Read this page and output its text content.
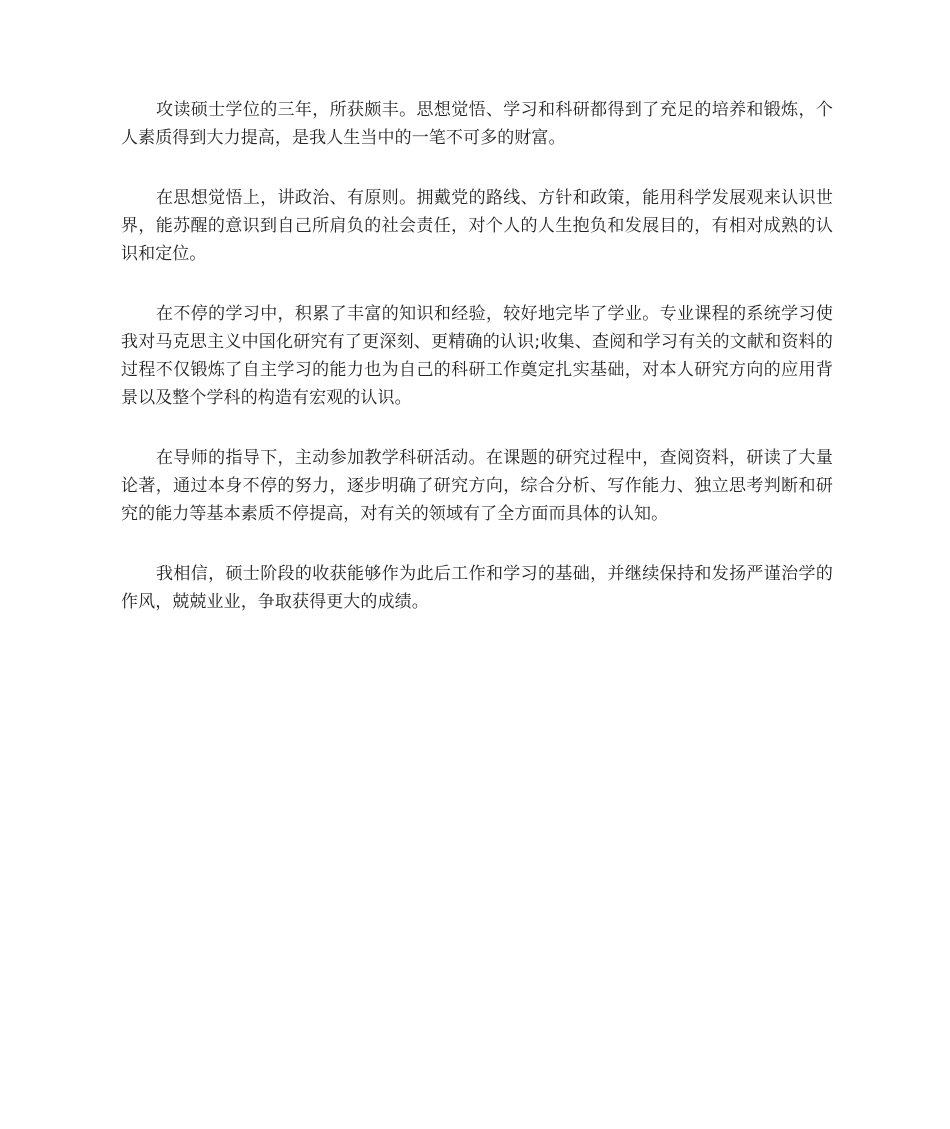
攻读硕士学位的三年，所获颇丰。思想觉悟、学习和科研都得到了充足的培养和锻炼，个人素质得到大力提高，是我人生当中的一笔不可多的财富。

在思想觉悟上，讲政治、有原则。拥戴党的路线、方针和政策，能用科学发展观来认识世界，能苏醒的意识到自己所肩负的社会责任，对个人的人生抱负和发展目的，有相对成熟的认识和定位。

在不停的学习中，积累了丰富的知识和经验，较好地完毕了学业。专业课程的系统学习使我对马克思主义中国化研究有了更深刻、更精确的认识;收集、查阅和学习有关的文献和资料的过程不仅锻炼了自主学习的能力也为自己的科研工作奠定扎实基础，对本人研究方向的应用背景以及整个学科的构造有宏观的认识。

在导师的指导下，主动参加教学科研活动。在课题的研究过程中，查阅资料，研读了大量论著，通过本身不停的努力，逐步明确了研究方向，综合分析、写作能力、独立思考判断和研究的能力等基本素质不停提高，对有关的领域有了全方面而具体的认知。

我相信，硕士阶段的收获能够作为此后工作和学习的基础，并继续保持和发扬严谨治学的作风，兢兢业业，争取获得更大的成绩。
